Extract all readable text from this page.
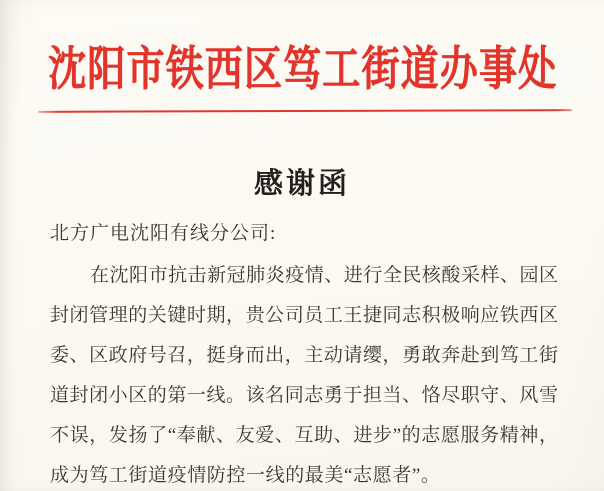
沈阳市铁西区笃工街道办事处
感谢函
北方广电沈阳有线分公司:
在沈阳市抗击新冠肺炎疫情、进行全民核酸采样、园区
封闭管理的关键时期，贵公司员工王捷同志积极响应铁西区
委、区政府号召，挺身而出，主动请缨，勇敢奔赴到笃工街
道封闭小区的第一线。该名同志勇于担当、恪尽职守、风雪
不误，发扬了“奉献、友爱、互助、进步”的志愿服务精神，
成为笃工街道疫情防控一线的最美“志愿者”。
